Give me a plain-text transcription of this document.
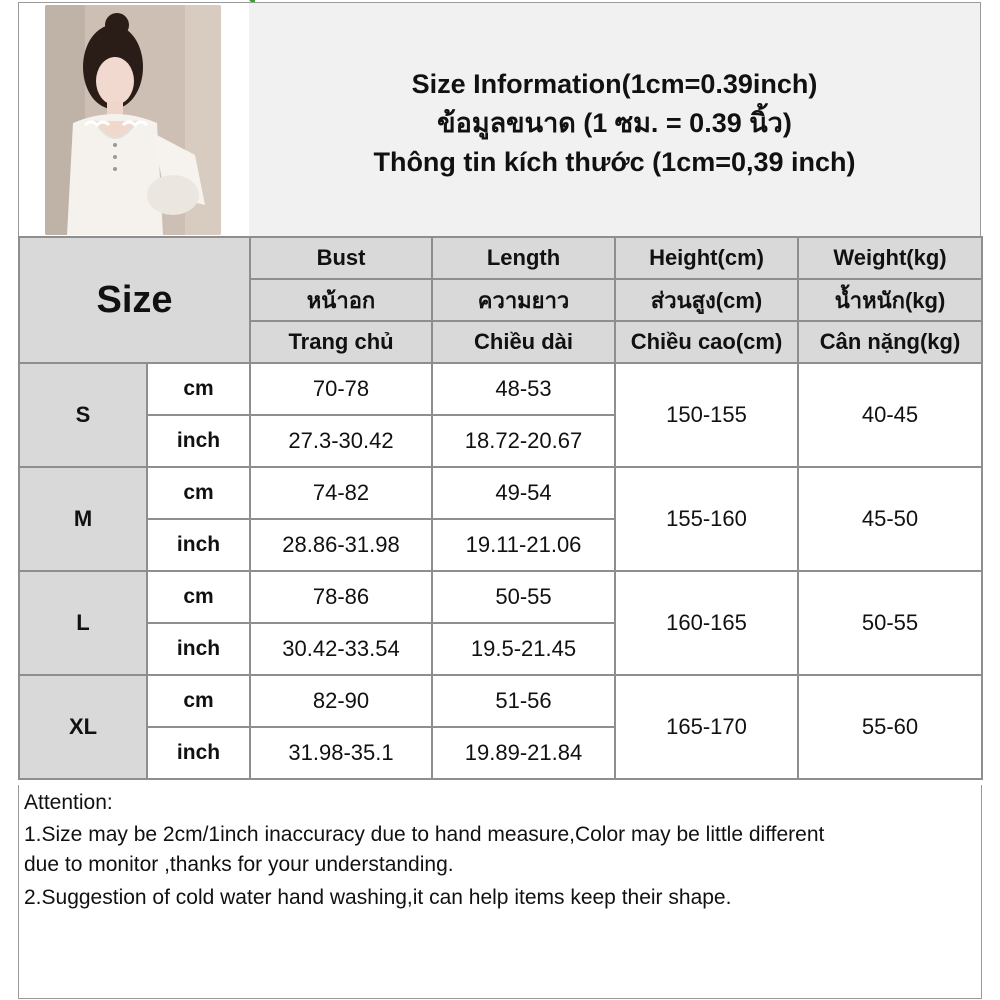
Size Information(1cm=0.39inch)
ข้อมูลขนาด (1 ซม. = 0.39 นิ้ว)
Thông tin kích thước (1cm=0,39 inch)
Size		Bust	Length	Height(cm)	Weight(kg)
		หน้าอก	ความยาว	ส่วนสูง(cm)	น้ำหนัก(kg)
		Trang chủ	Chiều dài	Chiều cao(cm)	Cân nặng(kg)
S	cm	70-78	48-53	150-155	40-45
	inch	27.3-30.42	18.72-20.67		
M	cm	74-82	49-54	155-160	45-50
	inch	28.86-31.98	19.11-21.06		
L	cm	78-86	50-55	160-165	50-55
	inch	30.42-33.54	19.5-21.45		
XL	cm	82-90	51-56	165-170	55-60
	inch	31.98-35.1	19.89-21.84		
Attention:
1.Size may be 2cm/1inch inaccuracy due to hand measure,Color may be little different
due to monitor ,thanks for your understanding.
2.Suggestion of cold water hand washing,it can help items keep their shape.
